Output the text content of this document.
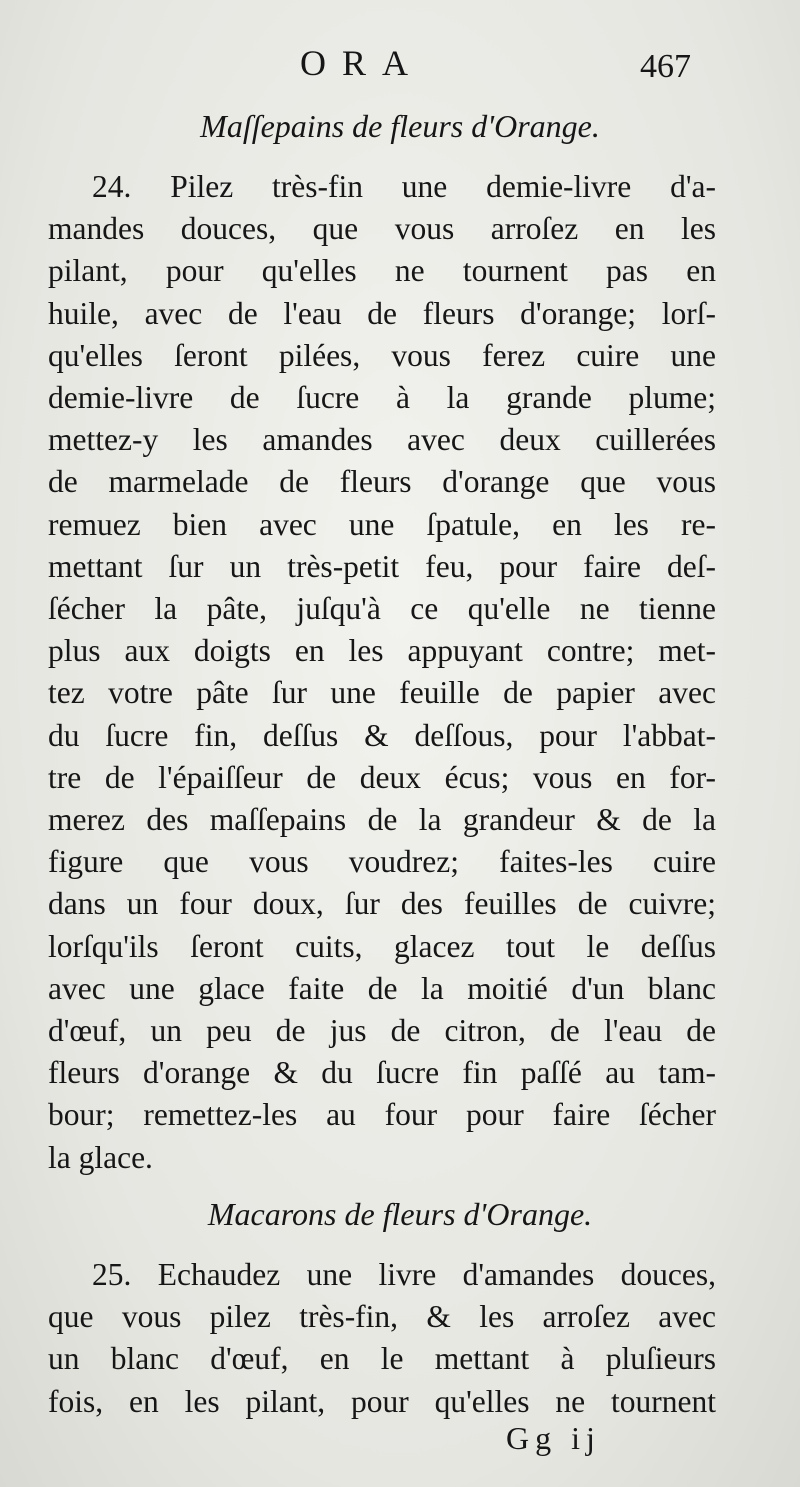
ORA	467
Maſſepains de fleurs d'Orange.
24. Pilez très-fin une demie-livre d'a-
mandes douces, que vous arroſez en les
pilant, pour qu'elles ne tournent pas en
huile, avec de l'eau de fleurs d'orange; lorſ-
qu'elles ſeront pilées, vous ferez cuire une
demie-livre de ſucre à la grande plume;
mettez-y les amandes avec deux cuillerées
de marmelade de fleurs d'orange que vous
remuez bien avec une ſpatule, en les re-
mettant ſur un très-petit feu, pour faire deſ-
ſécher la pâte, juſqu'à ce qu'elle ne tienne
plus aux doigts en les appuyant contre; met-
tez votre pâte ſur une feuille de papier avec
du ſucre fin, deſſus & deſſous, pour l'abbat-
tre de l'épaiſſeur de deux écus; vous en for-
merez des maſſepains de la grandeur & de la
figure que vous voudrez; faites-les cuire
dans un four doux, ſur des feuilles de cuivre;
lorſqu'ils ſeront cuits, glacez tout le deſſus
avec une glace faite de la moitié d'un blanc
d'œuf, un peu de jus de citron, de l'eau de
fleurs d'orange & du ſucre fin paſſé au tam-
bour; remettez-les au four pour faire ſécher
la glace.
Macarons de fleurs d'Orange.
25. Echaudez une livre d'amandes douces,
que vous pilez très-fin, & les arroſez avec
un blanc d'œuf, en le mettant à pluſieurs
fois, en les pilant, pour qu'elles ne tournent
Gg ij
